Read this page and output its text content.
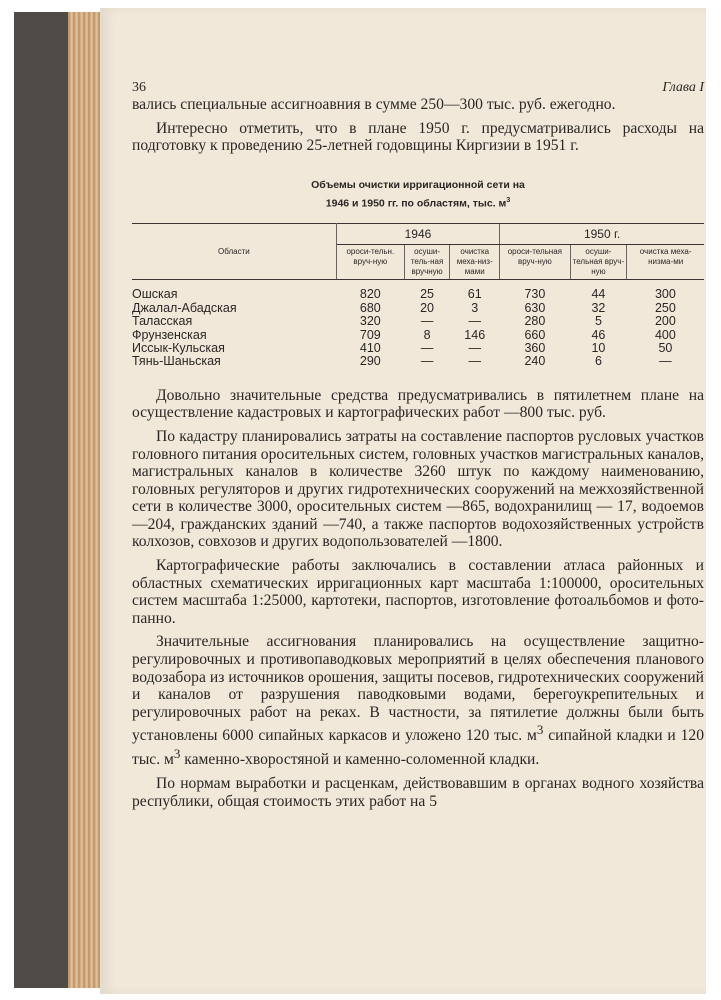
36	Глава I

вались специальные ассигноавния в сумме 250—300 тыс. руб. ежегодно.

Интересно отметить, что в плане 1950 г. предусматривались расходы на подготовку к проведению 25-летней годовщины Киргизии в 1951 г.

Объемы очистки ирригационной сети на
1946 и 1950 гг. по областям, тыс. $м^3$
Области	1946			1950 г.		
	ороси-тельн. вруч-ную	осуши-тель-ная вручную	очистка меха-низ-мами	ороси-тельная вруч-ную	осуши-тельная вруч-ную	очистка меха-низма-ми
Ошская	820	25	61	730	44	300
Джалал-Абадская	680	20	3	630	32	250
Таласская	320	—	—	280	5	200
Фрунзенская	709	8	146	660	46	400
Иссык-Кульская	410	—	—	360	10	50
Тянь-Шаньская	290	—	—	240	6	—

Довольно значительные средства предусматривались в пятилетнем плане на осуществление кадастровых и картографических работ —800 тыс. руб.

По кадастру планировались затраты на составление паспортов русловых участков головного питания оросительных систем, головных участков магистральных каналов, магистральных каналов в количестве 3260 штук по каждому наименованию, головных регуляторов и других гидротехнических сооружений на межхозяйственной сети в количестве 3000, оросительных систем —865, водохранилищ — 17, водоемов —204, гражданских зданий —740, а также паспортов водохозяйственных устройств колхозов, совхозов и других водопользователей —1800.

Картографические работы заключались в составлении атласа районных и областных схематических ирригационных карт масштаба 1:100000, оросительных систем масштаба 1:25000, картотеки, паспортов, изготовление фотоальбомов и фото-панно.

Значительные ассигнования планировались на осуществление защитно-регулировочных и противопаводковых мероприятий в целях обеспечения планового водозабора из источников орошения, защиты посевов, гидротехнических сооружений и каналов от разрушения паводковыми водами, берегоукрепительных и регулировочных работ на реках. В частности, за пятилетие должны были быть установлены 6000 сипайных каркасов и уложено 120 тыс. $м^3$ сипайной кладки и 120 тыс. $м^3$ каменно-хворостяной и каменно-соломенной кладки.

По нормам выработки и расценкам, действовавшим в органах водного хозяйства республики, общая стоимость этих работ на 5
